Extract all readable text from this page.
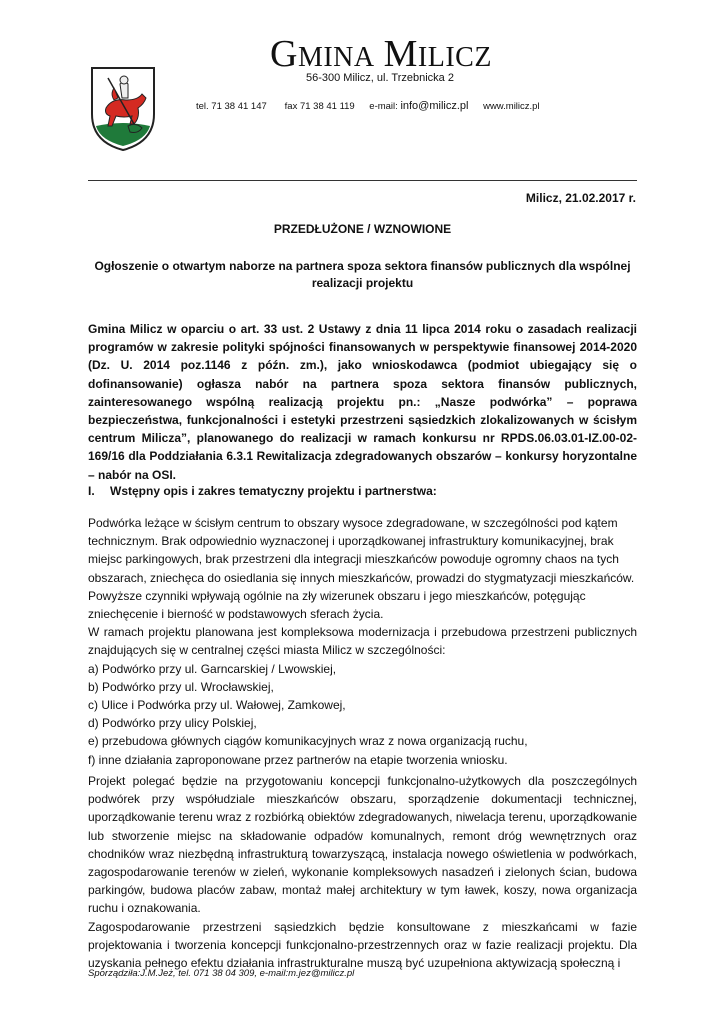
GMINA MILICZ
56-300 Milicz, ul. Trzebnicka 2
tel. 71 38 41 147 fax 71 38 41 119 e-mail: info@milicz.pl www.milicz.pl
Milicz, 21.02.2017 r.
PRZEDŁUŻONE / WZNOWIONE
Ogłoszenie o otwartym naborze na partnera spoza sektora finansów publicznych dla wspólnej realizacji projektu
Gmina Milicz w oparciu o art. 33 ust. 2 Ustawy z dnia 11 lipca 2014 roku o zasadach realizacji programów w zakresie polityki spójności finansowanych w perspektywie finansowej 2014-2020 (Dz. U. 2014 poz.1146 z późn. zm.), jako wnioskodawca (podmiot ubiegający się o dofinansowanie) ogłasza nabór na partnera spoza sektora finansów publicznych, zainteresowanego wspólną realizacją projektu pn.: „Nasze podwórka” – poprawa bezpieczeństwa, funkcjonalności i estetyki przestrzeni sąsiedzkich zlokalizowanych w ścisłym centrum Milicza”, planowanego do realizacji w ramach konkursu nr RPDS.06.03.01-IZ.00-02-169/16 dla Poddziałania 6.3.1 Rewitalizacja zdegradowanych obszarów – konkursy horyzontalne – nabór na OSI.
I. Wstępny opis i zakres tematyczny projektu i partnerstwa:
Podwórka leżące w ścisłym centrum to obszary wysoce zdegradowane, w szczególności pod kątem technicznym. Brak odpowiednio wyznaczonej i uporządkowanej infrastruktury komunikacyjnej, brak miejsc parkingowych, brak przestrzeni dla integracji mieszkańców powoduje ogromny chaos na tych obszarach, zniechęca do osiedlania się innych mieszkańców, prowadzi do stygmatyzacji mieszkańców. Powyższe czynniki wpływają ogólnie na zły wizerunek obszaru i jego mieszkańców, potęgując zniechęcenie i bierność w podstawowych sferach życia.
W ramach projektu planowana jest kompleksowa modernizacja i przebudowa przestrzeni publicznych znajdujących się w centralnej części miasta Milicz w szczególności:
a) Podwórko przy ul. Garncarskiej / Lwowskiej,
b) Podwórko przy ul. Wrocławskiej,
c) Ulice i Podwórka przy ul. Wałowej, Zamkowej,
d) Podwórko przy ulicy Polskiej,
e) przebudowa głównych ciągów komunikacyjnych wraz z nowa organizacją ruchu,
f) inne działania zaproponowane przez partnerów na etapie tworzenia wniosku.
Projekt polegać będzie na przygotowaniu koncepcji funkcjonalno-użytkowych dla poszczególnych podwórek przy współudziale mieszkańców obszaru, sporządzenie dokumentacji technicznej, uporządkowanie terenu wraz z rozbiórką obiektów zdegradowanych, niwelacja terenu, uporządkowanie lub stworzenie miejsc na składowanie odpadów komunalnych, remont dróg wewnętrznych oraz chodników wraz niezbędną infrastrukturą towarzyszącą, instalacja nowego oświetlenia w podwórkach, zagospodarowanie terenów w zieleń, wykonanie kompleksowych nasadzeń i zielonych ścian, budowa parkingów, budowa placów zabaw, montaż małej architektury w tym ławek, koszy, nowa organizacja ruchu i oznakowania.
Zagospodarowanie przestrzeni sąsiedzkich będzie konsultowane z mieszkańcami w fazie projektowania i tworzenia koncepcji funkcjonalno-przestrzennych oraz w fazie realizacji projektu. Dla uzyskania pełnego efektu działania infrastrukturalne muszą być uzupełniona aktywizacją społeczną i
Sporządziła:J.M.Jeż, tel. 071 38 04 309, e-mail:m.jez@milicz.pl
